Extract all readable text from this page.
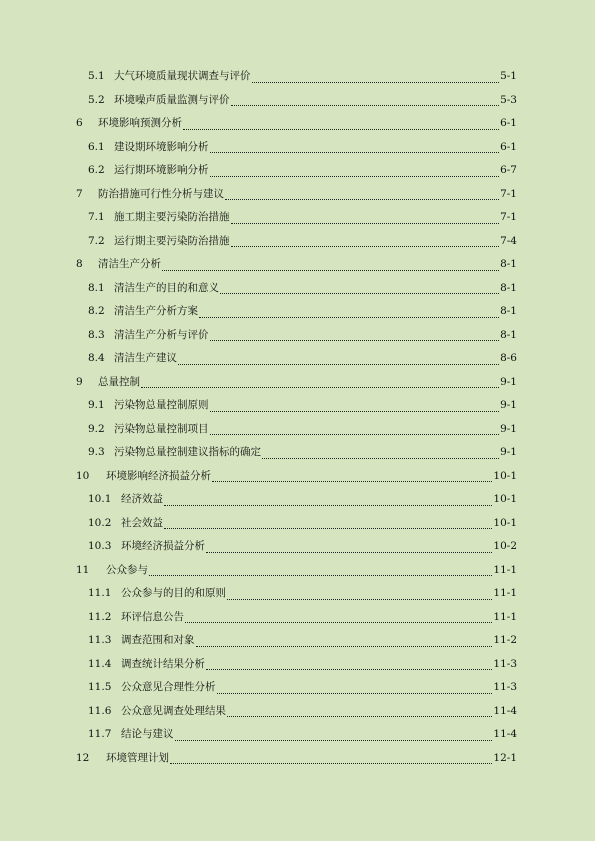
5.1 大气环境质量现状调查与评价	5-1
5.2 环境噪声质量监测与评价	5-3
6	环境影响预测分析	6-1
6.1 建设期环境影响分析	6-1
6.2 运行期环境影响分析	6-7
7	防治措施可行性分析与建议	7-1
7.1 施工期主要污染防治措施	7-1
7.2 运行期主要污染防治措施	7-4
8	清洁生产分析	8-1
8.1 清洁生产的目的和意义	8-1
8.2 清洁生产分析方案	8-1
8.3 清洁生产分析与评价	8-1
8.4 清洁生产建议	8-6
9	总量控制	9-1
9.1 污染物总量控制原则	9-1
9.2 污染物总量控制项目	9-1
9.3 污染物总量控制建议指标的确定	9-1
10	环境影响经济损益分析	10-1
10.1 经济效益	10-1
10.2 社会效益	10-1
10.3 环境经济损益分析	10-2
11	公众参与	11-1
11.1 公众参与的目的和原则	11-1
11.2 环评信息公告	11-1
11.3 调查范围和对象	11-2
11.4 调查统计结果分析	11-3
11.5 公众意见合理性分析	11-3
11.6 公众意见调查处理结果	11-4
11.7 结论与建议	11-4
12	环境管理计划	12-1
